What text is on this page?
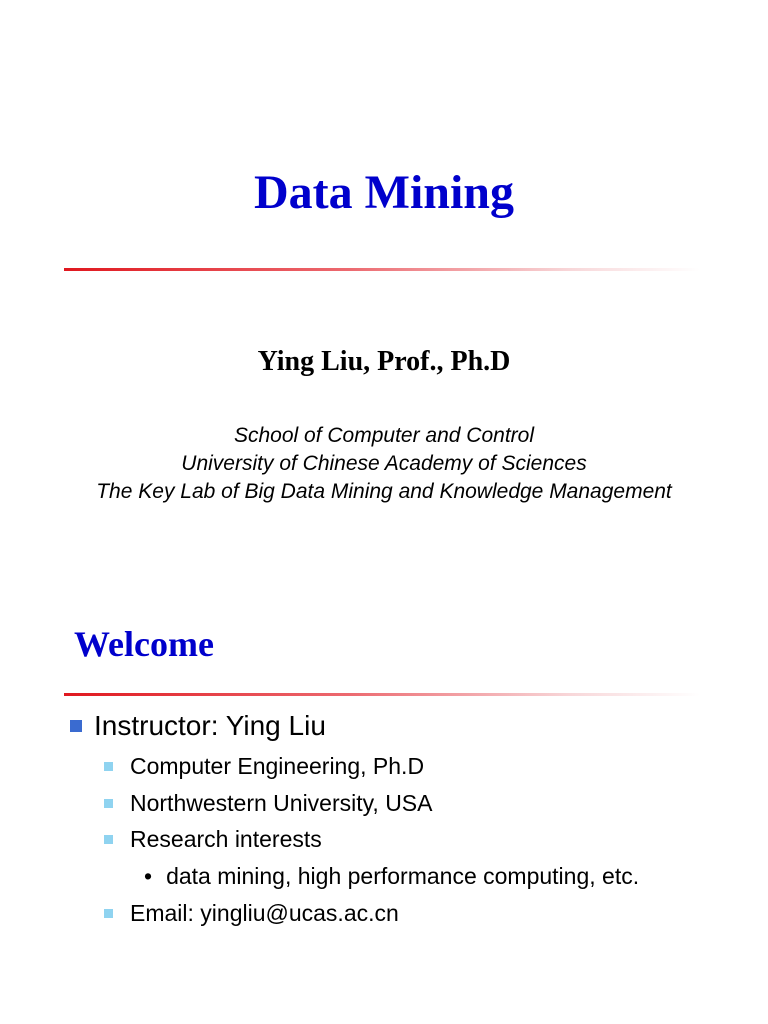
Data Mining
Ying Liu, Prof., Ph.D
School of Computer and Control
University of Chinese Academy of Sciences
The Key Lab of Big Data Mining and Knowledge Management
Welcome
Instructor: Ying Liu
Computer Engineering, Ph.D
Northwestern University, USA
Research interests
• data mining, high performance computing, etc.
Email: yingliu@ucas.ac.cn
